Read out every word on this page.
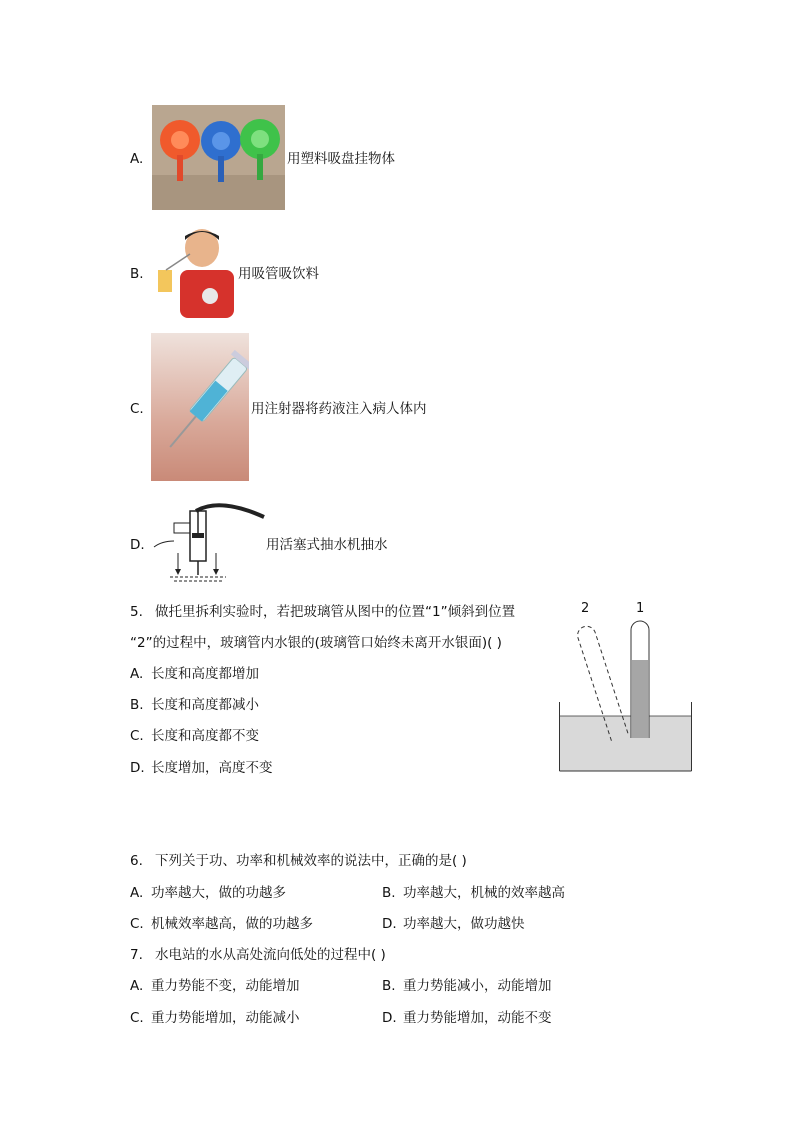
A.	用塑料吸盘挂物体
B.	用吸管吸饮料
C.	用注射器将药液注入病人体内
D.	用活塞式抽水机抽水
5. 做托里拆利实验时，若把玻璃管从图中的位置“1”倾斜到位置
“2”的过程中，玻璃管内水银的(玻璃管口始终未离开水银面)( )
A. 长度和高度都增加
B. 长度和高度都减小
C. 长度和高度都不变
D. 长度增加，高度不变
2	1
6. 下列关于功、功率和机械效率的说法中，正确的是( )
A. 功率越大，做的功越多	B. 功率越大，机械的效率越高
C. 机械效率越高，做的功越多	D. 功率越大，做功越快
7. 水电站的水从高处流向低处的过程中( )
A. 重力势能不变，动能增加	B. 重力势能减小，动能增加
C. 重力势能增加，动能减小	D. 重力势能增加，动能不变
